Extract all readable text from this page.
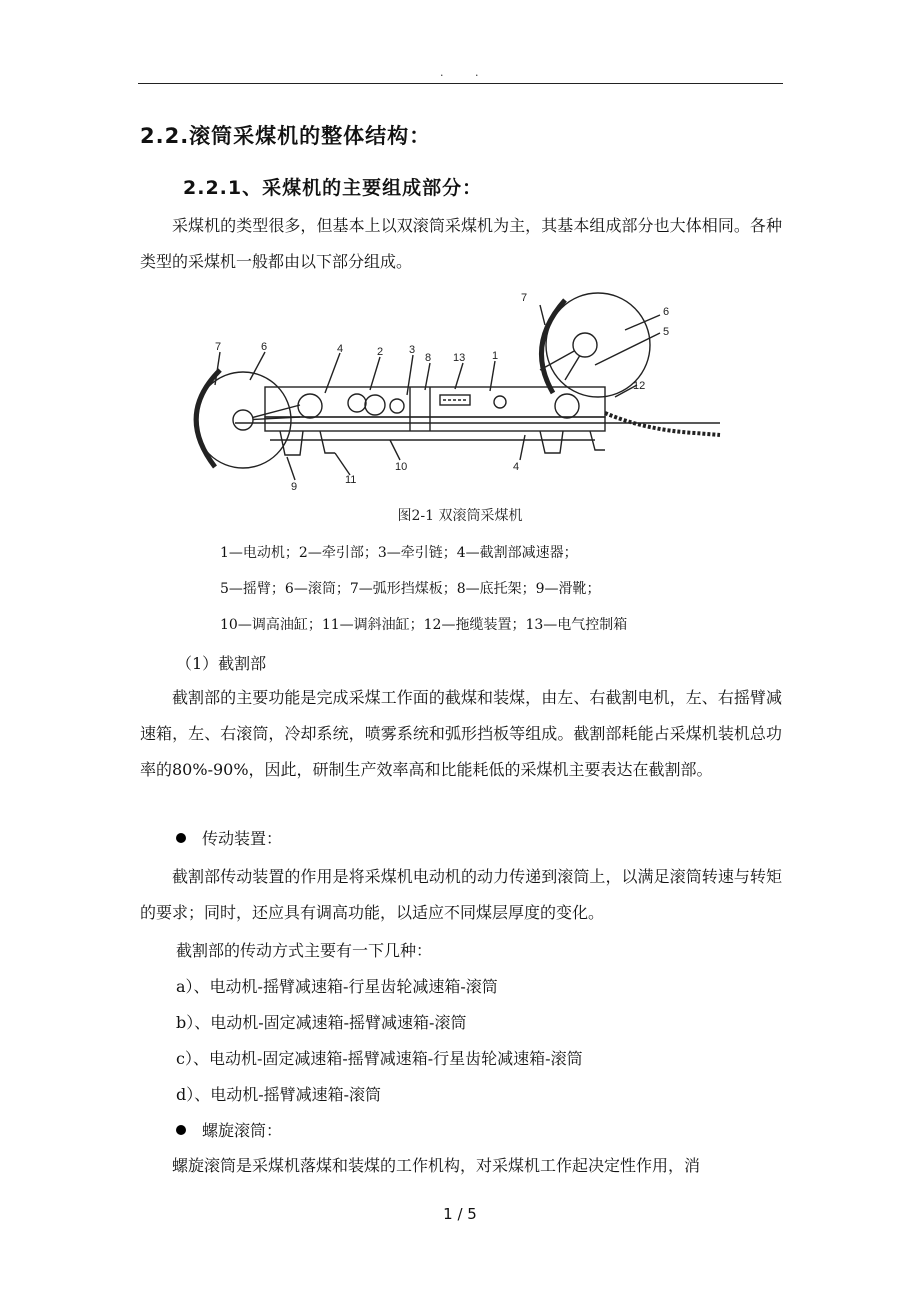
. .
2.2.滚筒采煤机的整体结构：
2.2.1、采煤机的主要组成部分：

采煤机的类型很多，但基本上以双滚筒采煤机为主，其基本组成部分也大体相同。各种类型的采煤机一般都由以下部分组成。

7	6	4	2 3
8 13 1
7
6
5
12
4
10
11
9
图2-1 双滚筒采煤机
1—电动机；2—牵引部；3—牵引链；4—截割部减速器；
5—摇臂；6—滚筒；7—弧形挡煤板；8—底托架；9—滑靴；
10—调高油缸；11—调斜油缸；12—拖缆装置；13—电气控制箱
（1）截割部

截割部的主要功能是完成采煤工作面的截煤和装煤，由左、右截割电机，左、右摇臂减速箱，左、右滚筒，冷却系统，喷雾系统和弧形挡板等组成。截割部耗能占采煤机装机总功率的80%-90%，因此，研制生产效率高和比能耗低的采煤机主要表达在截割部。

传动装置：

截割部传动装置的作用是将采煤机电动机的动力传递到滚筒上，以满足滚筒转速与转矩的要求；同时，还应具有调高功能，以适应不同煤层厚度的变化。

截割部的传动方式主要有一下几种：
a）、电动机-摇臂减速箱-行星齿轮减速箱-滚筒
b）、电动机-固定减速箱-摇臂减速箱-滚筒
c）、电动机-固定减速箱-摇臂减速箱-行星齿轮减速箱-滚筒
d）、电动机-摇臂减速箱-滚筒
螺旋滚筒：

螺旋滚筒是采煤机落煤和装煤的工作机构，对采煤机工作起决定性作用，消

1 / 5
